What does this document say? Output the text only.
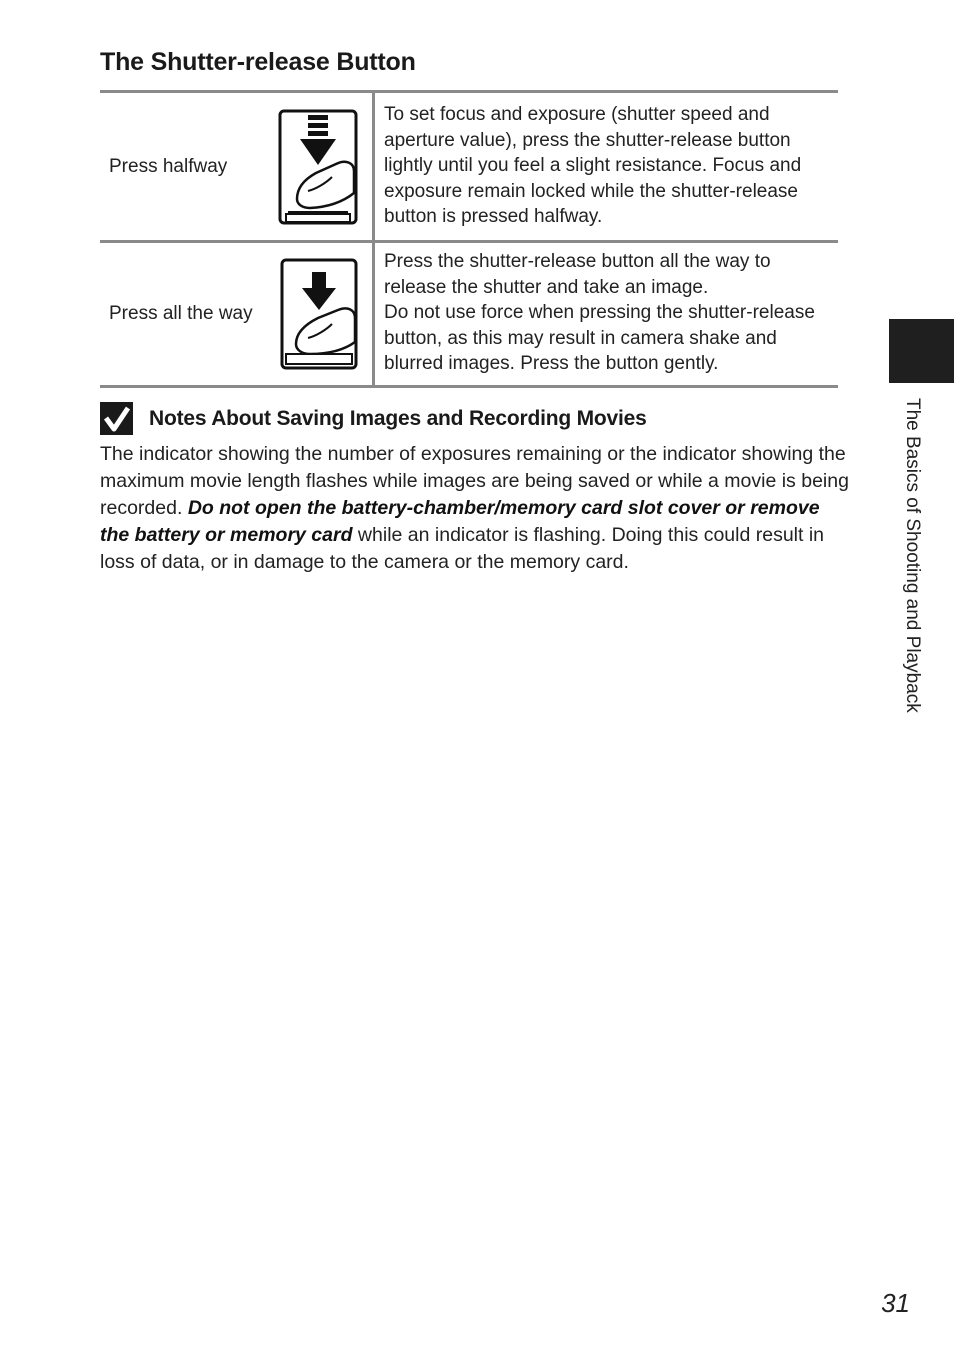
The Shutter-release Button
Press halfway
To set focus and exposure (shutter speed and aperture value), press the shutter-release button lightly until you feel a slight resistance. Focus and exposure remain locked while the shutter-release button is pressed halfway.
Press all the way
Press the shutter-release button all the way to release the shutter and take an image.
Do not use force when pressing the shutter-release button, as this may result in camera shake and blurred images. Press the button gently.
Notes About Saving Images and Recording Movies

The indicator showing the number of exposures remaining or the indicator showing the maximum movie length flashes while images are being saved or while a movie is being recorded. Do not open the battery-chamber/memory card slot cover or remove the battery or memory card while an indicator is flashing. Doing this could result in loss of data, or in damage to the camera or the memory card.	The Basics of Shooting and Playback
31
